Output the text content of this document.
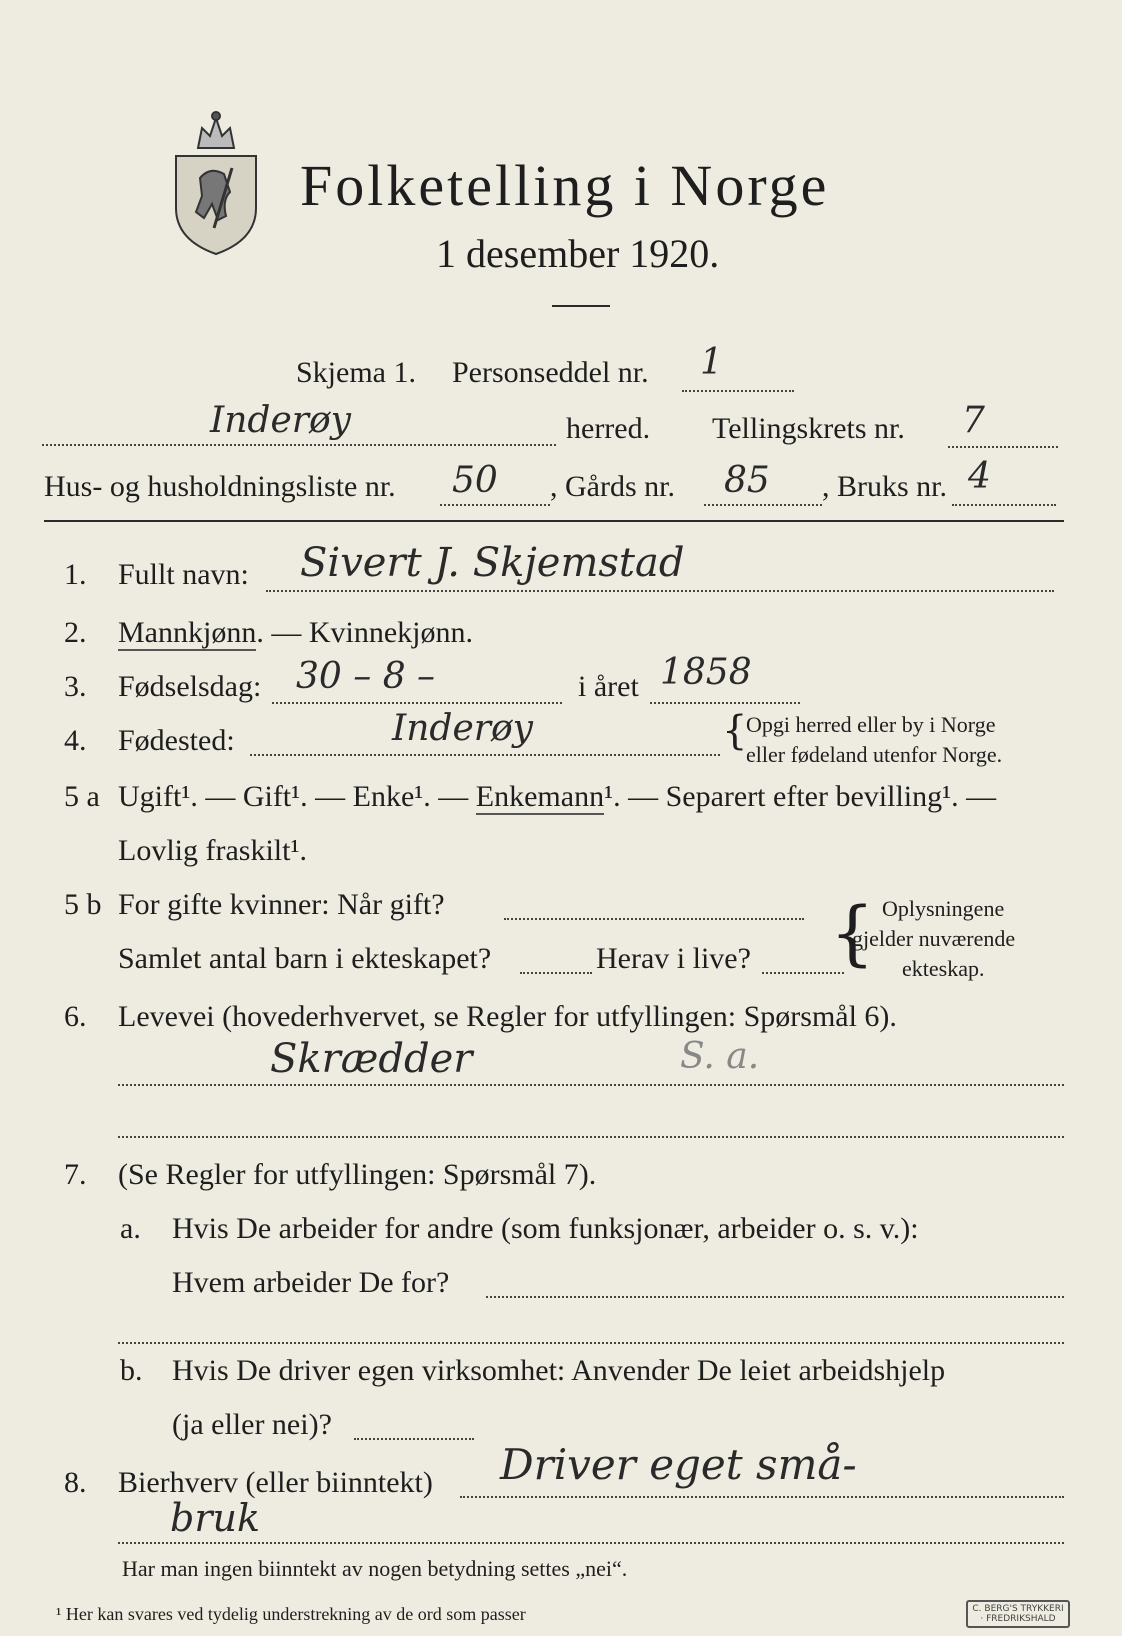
Folketelling i Norge
1 desember 1920.
Skjema 1. Personseddel nr. 1
Inderøy	herred. Tellingskrets nr. 7
Hus- og husholdningsliste nr. 50 , Gårds nr. 85 , Bruks nr. 4
1. Fullt navn: Sivert J. Skjemstad
2. Mannkjønn. — Kvinnekjønn.
3. Fødselsdag: 30 – 8 –	i året 1858
4. Fødested:	Inderøy	{
Opgi herred eller by i Norge
eller fødeland utenfor Norge.
5 a Ugift¹. — Gift¹. — Enke¹. — Enkemann¹. — Separert efter bevilling¹. —
Lovlig fraskilt¹.
5 b For gifte kvinner: Når gift?
Samlet antal barn i ekteskapet?	Herav i live? { Oplysningene
gjelder nuværende
ekteskap.
6. Levevei (hovederhvervet, se Regler for utfyllingen: Spørsmål 6).
Skrædder	S. a.
7. (Se Regler for utfyllingen: Spørsmål 7).
a. Hvis De arbeider for andre (som funksjonær, arbeider o. s. v.):
Hvem arbeider De for?
b. Hvis De driver egen virksomhet: Anvender De leiet arbeidshjelp
(ja eller nei)?
8. Bierhverv (eller biinntekt) Driver eget små-
bruk
Har man ingen biinntekt av nogen betydning settes „nei“.
¹ Her kan svares ved tydelig understrekning av de ord som passer	C. BERG'S TRYKKERI · FREDRIKSHALD
